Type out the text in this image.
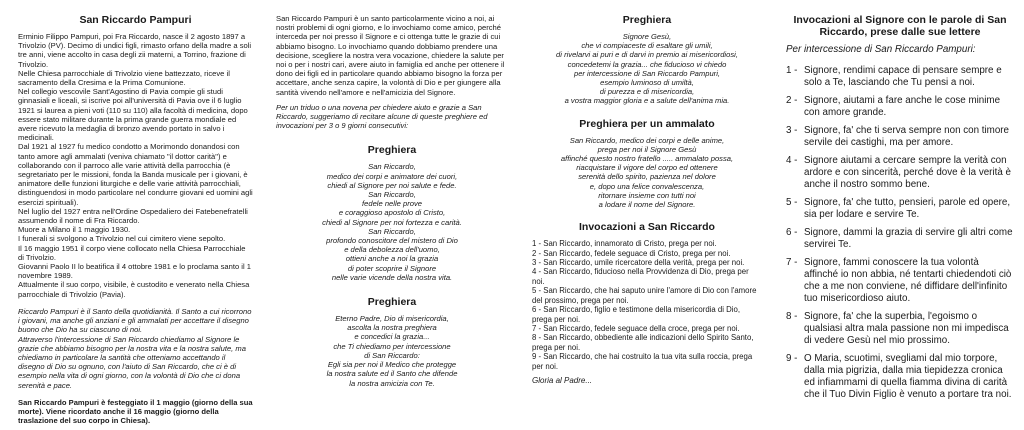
San Riccardo Pampuri

Erminio Filippo Pampuri, poi Fra Riccardo, nasce il 2 agosto 1897 a Trivolzio (PV). Decimo di undici figli, rimasto orfano della madre a soli tre anni, viene accolto in casa degli zii materni, a Torrino, frazione di Trivolzio.

Nelle Chiesa parrocchiale di Trivolzio viene battezzato, riceve il sacramento della Cresima e la Prima Comunione.

Nel collegio vescovile Sant'Agostino di Pavia compie gli studi ginnasiali e liceali, si iscrive poi all'università di Pavia ove il 6 luglio 1921 si laurea a pieni voti (110 su 110) alla facoltà di medicina, dopo essere stato militare durante la prima grande guerra mondiale ed avere ricevuto la medaglia di bronzo avendo portato in salvo i medicinali.

Dal 1921 al 1927 fu medico condotto a Morimondo donandosi con tanto amore agli ammalati (veniva chiamato "il dottor carità") e collaborando con il parroco alle varie attività della parrocchia (è segretariato per le missioni, fonda la Banda musicale per i giovani, è animatore delle funzioni liturgiche e delle varie attività parrocchiali, distinguendosi in modo particolare nel condurre giovani ed uomini agli esercizi spirituali).

Nel luglio del 1927 entra nell'Ordine Ospedaliero dei Fatebenefratelli assumendo il nome di Fra Riccardo.

Muore a Milano il 1 maggio 1930.

I funerali si svolgono a Trivolzio nel cui cimitero viene sepolto.

Il 16 maggio 1951 il corpo viene collocato nella Chiesa Parrocchiale di Trivolzio.

Giovanni Paolo II lo beatifica il 4 ottobre 1981 e lo proclama santo il 1 novembre 1989.

Attualmente il suo corpo, visibile, è custodito e venerato nella Chiesa parrocchiale di Trivolzio (Pavia).

Riccardo Pampuri è il Santo della quotidianità. Il Santo a cui ricorrono i giovani, ma anche gli anziani e gli ammalati per accettare il disegno buono che Dio ha su ciascuno di noi.

Attraverso l'intercessione di San Riccardo chiediamo al Signore le grazie che abbiamo bisogno per la nostra vita e la nostra salute, ma chiediamo in particolare la santità che otteniamo accettando il disegno di Dio su ognuno, con l'aiuto di San Riccardo, che ci è di esempio nella vita di ogni giorno, con la volontà di Dio che ci dona serenità e pace.

San Riccardo Pampuri è festeggiato il 1 maggio (giorno della sua morte). Viene ricordato anche il 16 maggio (giorno della traslazione del suo corpo in Chiesa).

San Riccardo Pampuri è un santo particolarmente vicino a noi, ai nostri problemi di ogni giorno, e lo invochiamo come amico, perché interceda per noi presso il Signore e ci ottenga tutte le grazie di cui abbiamo bisogno. Lo invochiamo quando dobbiamo prendere una decisione, scegliere la nostra vera vocazione, chiedere la salute per noi o per i nostri cari, avere aiuto in famiglia ed anche per ottenere il dono dei figli ed in particolare quando abbiamo bisogno la forza per accettare, anche senza capire, la volontà di Dio e per giungere alla santità vivendo nell'amore e nell'amicizia del Signore.

Per un triduo o una novena per chiedere aiuto e grazie a San Riccardo, suggeriamo di recitare alcune di queste preghiere ed invocazioni per 3 o 9 giorni consecutivi:

Preghiera

San Riccardo,

medico dei corpi e animatore dei cuori,

chiedi al Signore per noi salute e fede.

San Riccardo,

fedele nelle prove

e coraggioso apostolo di Cristo,

chiedi al Signore per noi fortezza e carità.

San Riccardo,

profondo conoscitore del mistero di Dio

e della debolezza dell'uomo,

ottieni anche a noi la grazia

di poter scoprire il Signore

nelle varie vicende della nostra vita.

Preghiera

Eterno Padre, Dio di misericordia,

ascolta la nostra preghiera

e concedici la grazia...

che Ti chiediamo per intercessione

di San Riccardo:

Egli sia per noi il Medico che protegge

la nostra salute ed il Santo che difende

la nostra amicizia con Te.

Preghiera

Signore Gesù,

che vi compiaceste di esaltare gli umili,

di rivelarvi ai puri e di darvi in premio ai misericordiosi,

concedetemi la grazia... che fiducioso vi chiedo

per intercessione di San Riccardo Pampuri,

esempio luminoso di umiltà,

di purezza e di misericordia,

a vostra maggior gloria e a salute dell'anima mia.

Preghiera per un ammalato

San Riccardo, medico dei corpi e delle anime,

prega per noi il Signore Gesù

affinché questo nostro fratello ..... ammalato possa,

riacquistare il vigore del corpo ed ottenere

serenità dello spirito, pazienza nel dolore

e, dopo una felice convalescenza,

ritornare insieme con tutti noi

a lodare il nome del Signore.

Invocazioni a San Riccardo

1 - San Riccardo, innamorato di Cristo, prega per noi.

2 - San Riccardo, fedele seguace di Cristo, prega per noi.

3 - San Riccardo, umile ricercatore della verità, prega per noi.

4 - San Riccardo, fiducioso nella Provvidenza di Dio, prega per noi.

5 - San Riccardo, che hai saputo unire l'amore di Dio con l'amore del prossimo, prega per noi.

6 - San Riccardo, figlio e testimone della misericordia di Dio, prega per noi.

7 - San Riccardo, fedele seguace della croce, prega per noi.

8 - San Riccardo, obbediente alle indicazioni dello Spirito Santo, prega per noi.

9 - San Riccardo, che hai costruito la tua vita sulla roccia, prega per noi.

Gloria al Padre...

Invocazioni al Signore con le parole di San Riccardo, prese dalle sue lettere

Per intercessione di San Riccardo Pampuri:

1 - Signore, rendimi capace di pensare sempre e solo a Te, lasciando che Tu pensi a noi.
2 - Signore, aiutami a fare anche le cose minime con amore grande.
3 - Signore, fa' che ti serva sempre non con timore servile dei castighi, ma per amore.
4 - Signore aiutami a cercare sempre la verità con ardore e con sincerità, perché dove è la verità è anche il nostro sommo bene.
5 - Signore, fa' che tutto, pensieri, parole ed opere, sia per lodare e servire Te.
6 - Signore, dammi la grazia di servire gli altri come servirei Te.
7 - Signore, fammi conoscere la tua volontà affinché io non abbia, né tentarti chiedendoti ciò che a me non conviene, né diffidare dell'infinito tuo misericordioso aiuto.
8 - Signore, fa' che la superbia, l'egoismo o qualsiasi altra mala passione non mi impedisca di vedere Gesù nel mio prossimo.
9 - O Maria, scuotimi, svegliami dal mio torpore, dalla mia pigrizia, dalla mia tiepidezza cronica ed infiammami di quella fiamma divina di carità che il Tuo Divin Figlio è venuto a portare tra noi.
